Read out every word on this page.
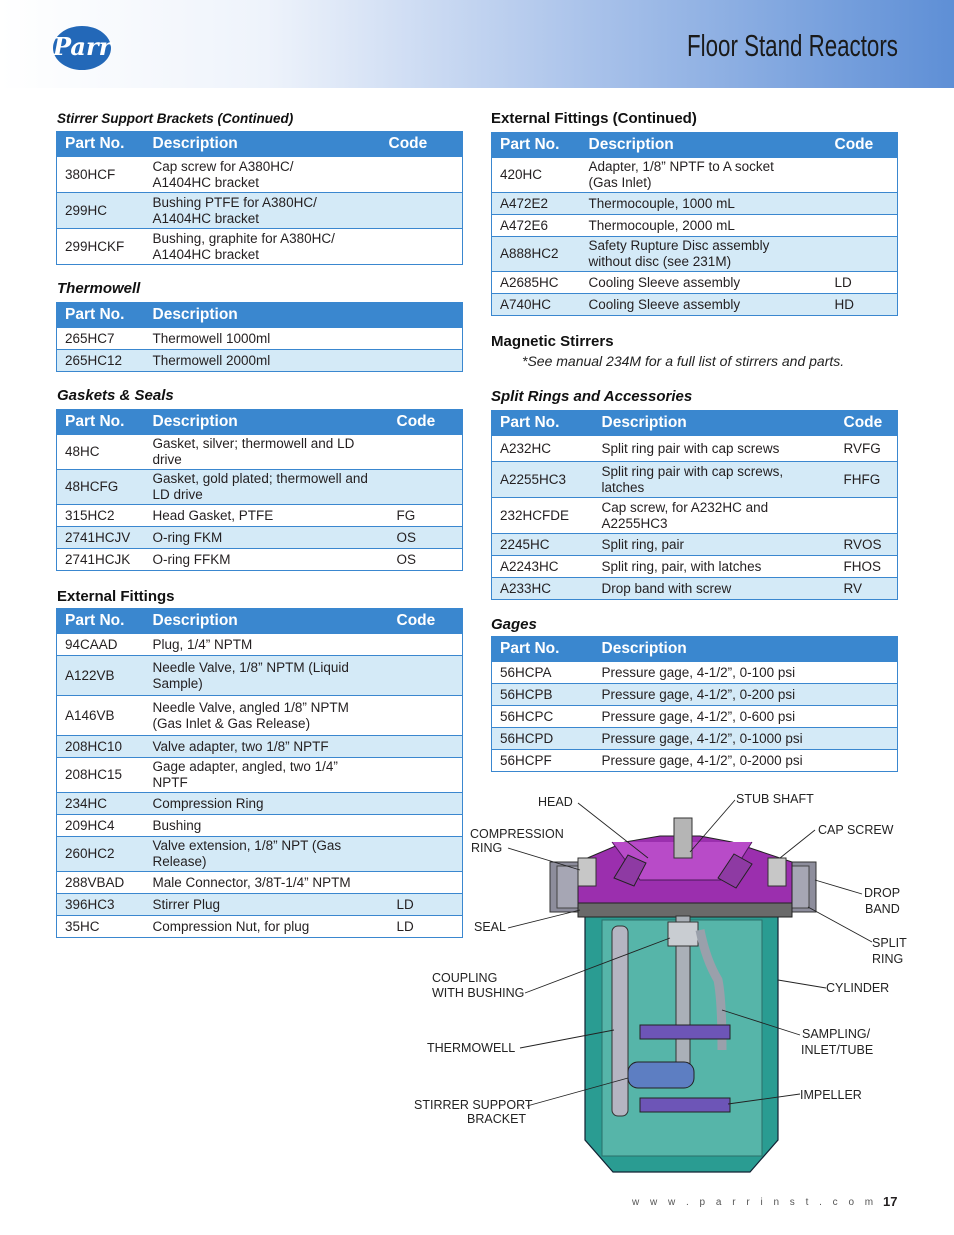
Parr	Floor Stand Reactors
Stirrer Support Brackets (Continued)
Part No.	Description	Code
380HCF	Cap screw for A380HC/
A1404HC bracket	

299HC	Bushing PTFE for A380HC/
A1404HC bracket	

299HCKF	Bushing, graphite for A380HC/
A1404HC bracket	

Thermowell
Part No.	Description	
265HC7	Thermowell 1000ml	

265HC12	Thermowell 2000ml	

Gaskets & Seals
Part No.	Description	Code
48HC	Gasket, silver; thermowell and LD
drive	

48HCFG	Gasket, gold plated; thermowell and
LD drive	

315HC2	Head Gasket, PTFE	FG
2741HCJV	O-ring FKM	OS
2741HCJK	O-ring FFKM	OS
External Fittings
Part No.	Description	Code
94CAAD	Plug, 1/4” NPTM	

A122VB	Needle Valve, 1/8” NPTM (Liquid
Sample)	

A146VB	Needle Valve, angled 1/8” NPTM
(Gas Inlet & Gas Release)	

208HC10	Valve adapter, two 1/8” NPTF	

208HC15	Gage adapter, angled, two 1/4”
NPTF	

234HC	Compression Ring	

209HC4	Bushing	

260HC2	Valve extension, 1/8” NPT (Gas
Release)	

288VBAD	Male Connector, 3/8T-1/4” NPTM	

396HC3	Stirrer Plug	LD
35HC	Compression Nut, for plug	LD
External Fittings (Continued)
Part No.	Description	Code
420HC	Adapter, 1/8” NPTF to A socket
(Gas Inlet)	

A472E2	Thermocouple, 1000 mL	

A472E6	Thermocouple, 2000 mL	

A888HC2	Safety Rupture Disc assembly
without disc (see 231M)	

A2685HC	Cooling Sleeve assembly	LD
A740HC	Cooling Sleeve assembly	HD
Magnetic Stirrers
*See manual 234M for a full list of stirrers and parts.
Split Rings and Accessories
Part No.	Description	Code
A232HC	Split ring pair with cap screws	RVFG
A2255HC3	Split ring pair with cap screws,
latches	FHFG
232HCFDE	Cap screw, for A232HC and
A2255HC3	

2245HC	Split ring, pair	RVOS
A2243HC	Split ring, pair, with latches	FHOS
A233HC	Drop band with screw	RV
Gages
Part No.	Description	
56HCPA	Pressure gage, 4-1/2”, 0-100 psi	

56HCPB	Pressure gage, 4-1/2”, 0-200 psi	

56HCPC	Pressure gage, 4-1/2”, 0-600 psi	

56HCPD	Pressure gage, 4-1/2”, 0-1000 psi	

56HCPF	Pressure gage, 4-1/2”, 0-2000 psi	

HEAD	STUB SHAFT
COMPRESSION
RING
CAP SCREW
DROP
BAND
SEAL
SPLIT
RING
COUPLING
WITH BUSHING	CYLINDER
SAMPLING/
INLET/TUBE
THERMOWELL
IMPELLER
STIRRER SUPPORT
BRACKET
w w w . p a r r i n s t . c o m 17
